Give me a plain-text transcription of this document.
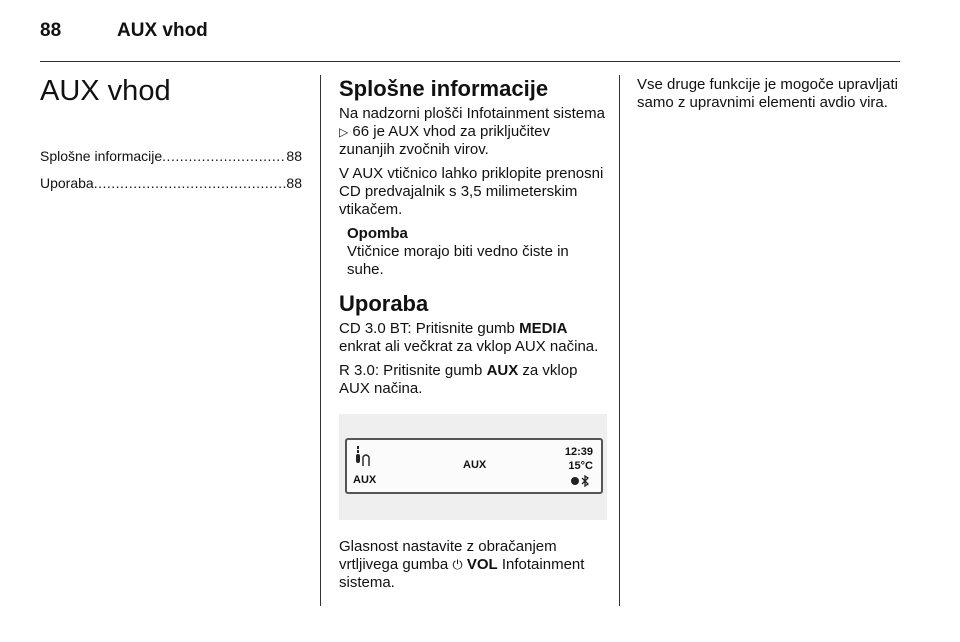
88	AUX vhod
AUX vhod
Splošne informacije .....	88
Uporaba .....	88
Splošne informacije

Na nadzorni plošči Infotainment sistema ▷ 66 je AUX vhod za priključitev zunanjih zvočnih virov.

V AUX vtičnico lahko priklopite prenosni CD predvajalnik s 3,5 milimeterskim vtikačem.

Opomba
Vtičnice morajo biti vedno čiste in suhe.
Uporaba

CD 3.0 BT: Pritisnite gumb MEDIA enkrat ali večkrat za vklop AUX načina.

R 3.0: Pritisnite gumb AUX za vklop AUX načina.

AUX
AUX
12:39
15°C

Glasnost nastavite z obračanjem vrtljivega gumba ⏻ VOL Infotainment sistema.

Vse druge funkcije je mogoče upravljati samo z upravnimi elementi avdio vira.
